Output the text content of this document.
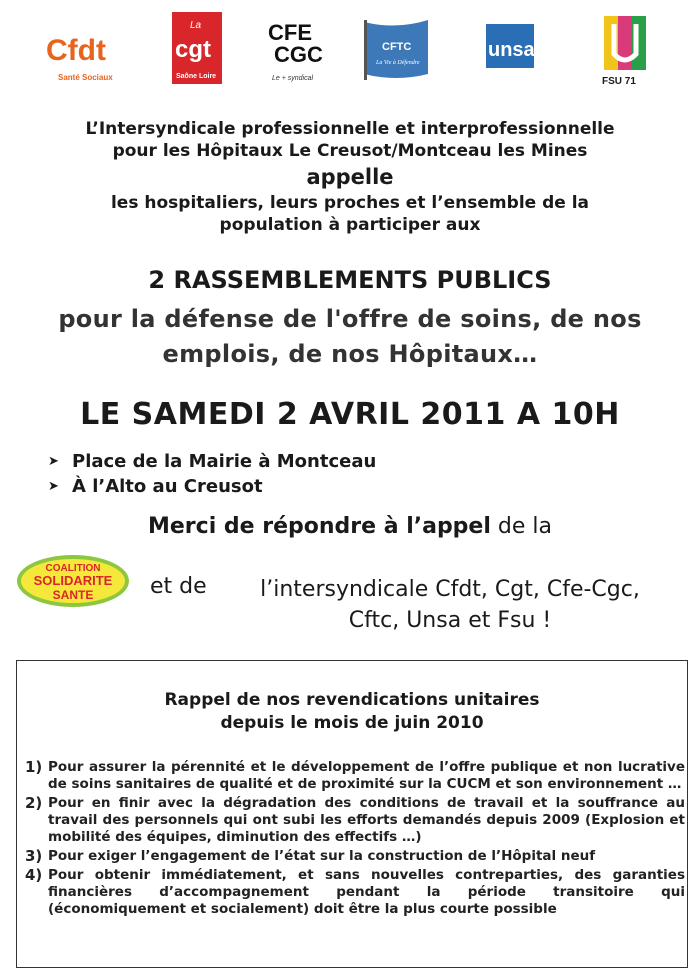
Cfdt
Santé Sociaux
La
cgt
Saône Loire
CFE
CGC
Le + syndical
CFTC
La Vie à Défendre
unsa
FSU 71
L’Intersyndicale professionnelle et interprofessionnelle
pour les Hôpitaux Le Creusot/Montceau les Mines
appelle
les hospitaliers, leurs proches et l’ensemble de la
population à participer aux
2 RASSEMBLEMENTS PUBLICS
pour la défense de l'offre de soins, de nos
emplois, de nos Hôpitaux…
LE SAMEDI 2 AVRIL 2011 A 10H
➤ Place de la Mairie à Montceau
➤ À l’Alto au Creusot
Merci de répondre à l’appel de la
COALITION
SOLIDARITE
SANTE	et de	l’intersyndicale Cfdt, Cgt, Cfe-Cgc,
Cftc, Unsa et Fsu !
Rappel de nos revendications unitaires
depuis le mois de juin 2010
1) Pour assurer la pérennité et le développement de l’offre publique et non lucrative de soins sanitaires de qualité et de proximité sur la CUCM et son environnement …
2) Pour en finir avec la dégradation des conditions de travail et la souffrance au travail des personnels qui ont subi les efforts demandés depuis 2009 (Explosion et mobilité des équipes, diminution des effectifs …)
3) Pour exiger l’engagement de l’état sur la construction de l’Hôpital neuf
4) Pour obtenir immédiatement, et sans nouvelles contreparties, des garanties financières d’accompagnement pendant la période transitoire qui (économiquement et socialement) doit être la plus courte possible
